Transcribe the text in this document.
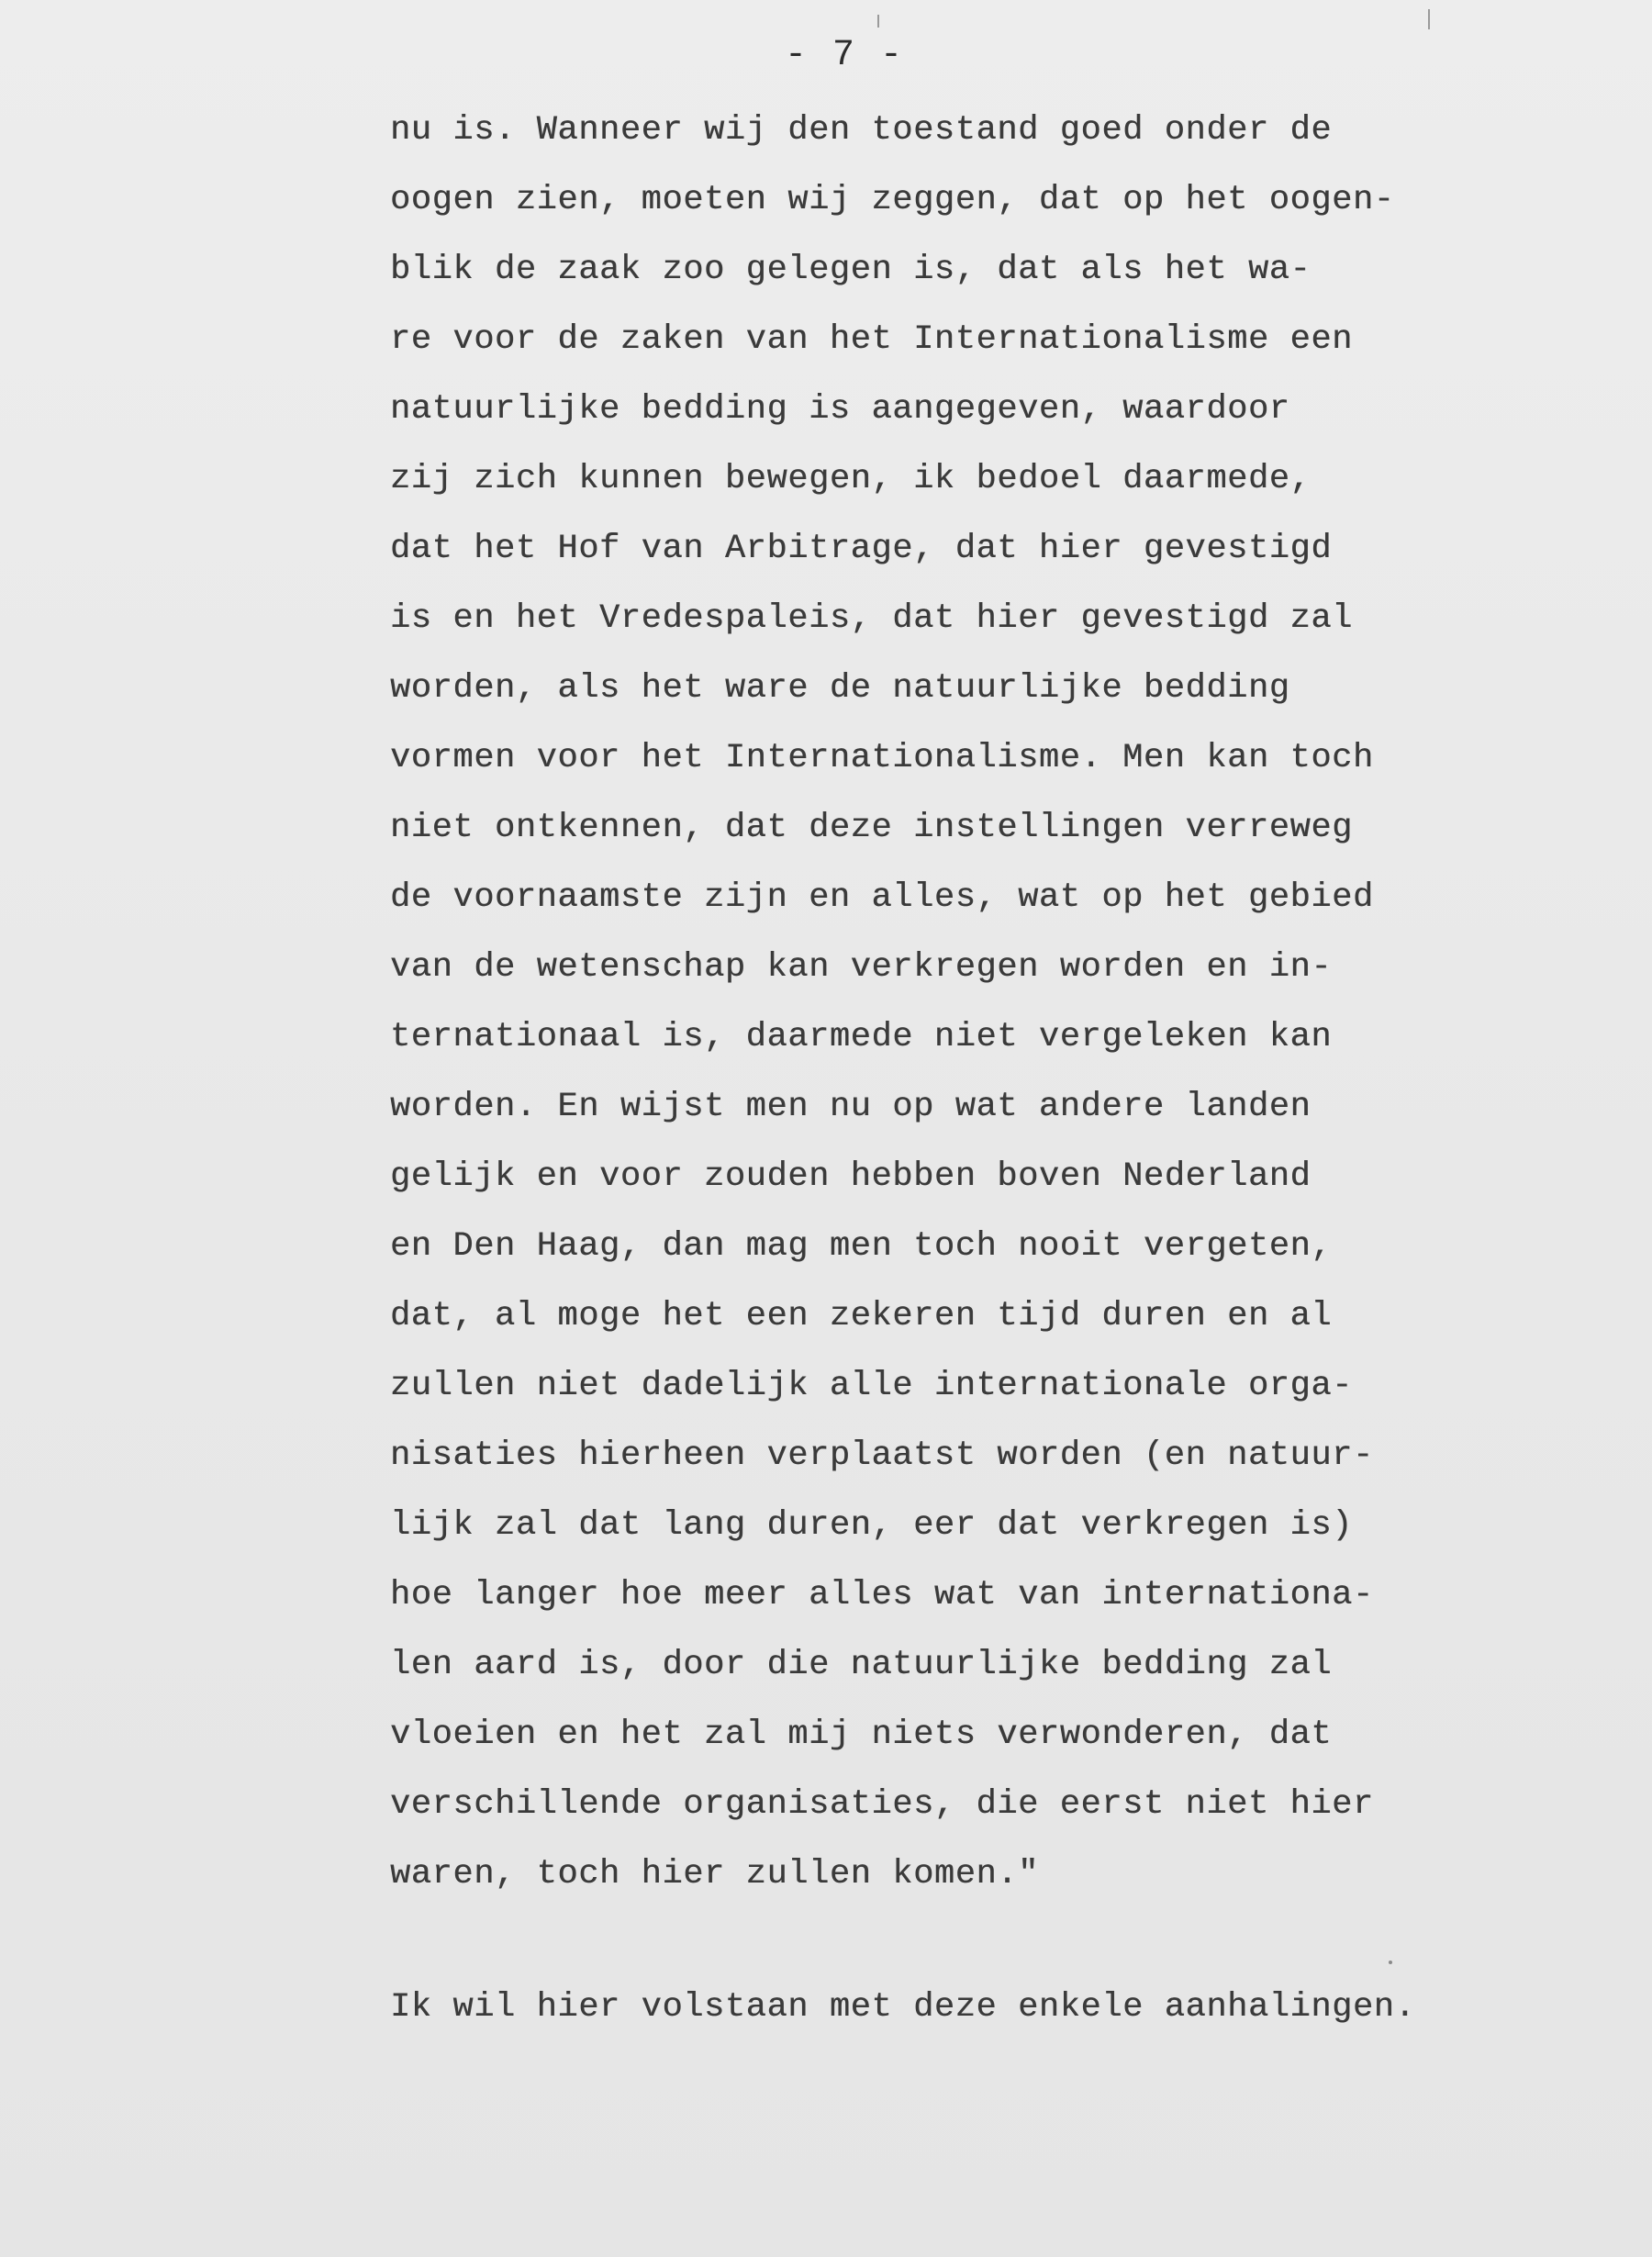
- 7 -
nu is. Wanneer wij den toestand goed onder de
oogen zien, moeten wij zeggen, dat op het oogen-
blik de zaak zoo gelegen is, dat als het wa-
re voor de zaken van het Internationalisme een
natuurlijke bedding is aangegeven, waardoor
zij zich kunnen bewegen, ik bedoel daarmede,
dat het Hof van Arbitrage, dat hier gevestigd
is en het Vredespaleis, dat hier gevestigd zal
worden, als het ware de natuurlijke bedding
vormen voor het Internationalisme. Men kan toch
niet ontkennen, dat deze instellingen verreweg
de voornaamste zijn en alles, wat op het gebied
van de wetenschap kan verkregen worden en in-
ternationaal is, daarmede niet vergeleken kan
worden. En wijst men nu op wat andere landen
gelijk en voor zouden hebben boven Nederland
en Den Haag, dan mag men toch nooit vergeten,
dat, al moge het een zekeren tijd duren en al
zullen niet dadelijk alle internationale orga-
nisaties hierheen verplaatst worden (en natuur-
lijk zal dat lang duren, eer dat verkregen is)
hoe langer hoe meer alles wat van internationa-
len aard is, door die natuurlijke bedding zal
vloeien en het zal mij niets verwonderen, dat
verschillende organisaties, die eerst niet hier
waren, toch hier zullen komen."
Ik wil hier volstaan met deze enkele aanhalingen.
